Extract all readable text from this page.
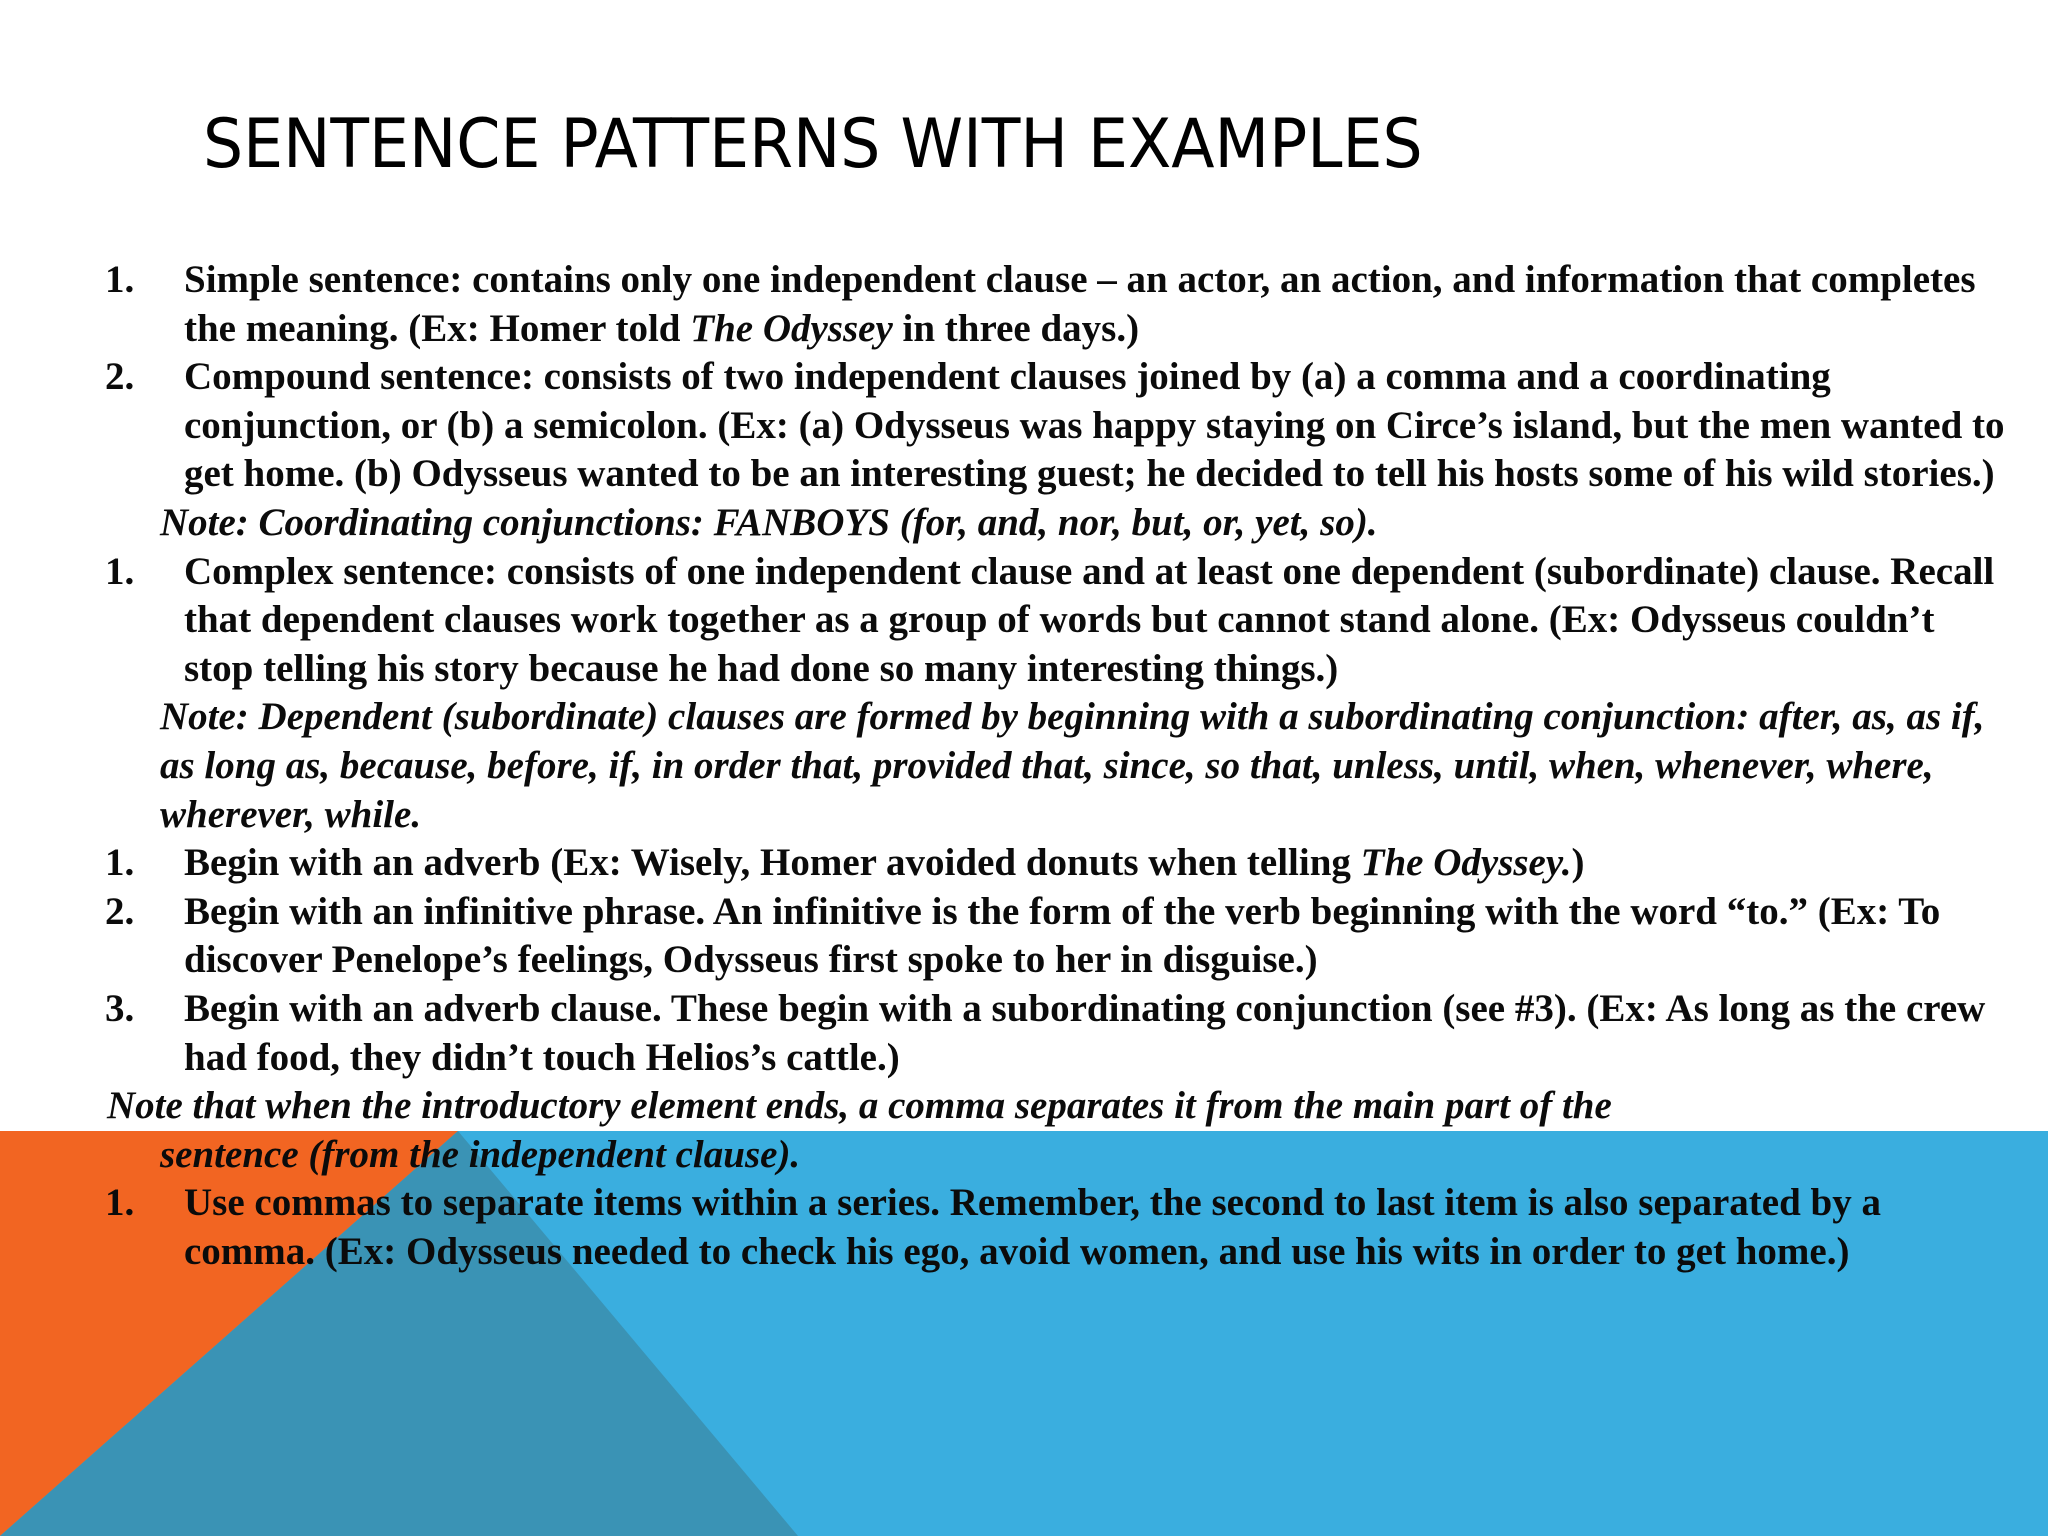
SENTENCE PATTERNS WITH EXAMPLES
1. Simple sentence: contains only one independent clause – an actor, an action, and information that completes the meaning. (Ex: Homer told The Odyssey in three days.)
2. Compound sentence: consists of two independent clauses joined by (a) a comma and a coordinating conjunction, or (b) a semicolon. (Ex: (a) Odysseus was happy staying on Circe’s island, but the men wanted to get home. (b) Odysseus wanted to be an interesting guest; he decided to tell his hosts some of his wild stories.)
Note: Coordinating conjunctions: FANBOYS (for, and, nor, but, or, yet, so).
1. Complex sentence: consists of one independent clause and at least one dependent (subordinate) clause. Recall that dependent clauses work together as a group of words but cannot stand alone. (Ex: Odysseus couldn’t stop telling his story because he had done so many interesting things.)
Note: Dependent (subordinate) clauses are formed by beginning with a subordinating conjunction: after, as, as if, as long as, because, before, if, in order that, provided that, since, so that, unless, until, when, whenever, where, wherever, while.
1. Begin with an adverb (Ex: Wisely, Homer avoided donuts when telling The Odyssey.)
2. Begin with an infinitive phrase. An infinitive is the form of the verb beginning with the word “to.” (Ex: To discover Penelope’s feelings, Odysseus first spoke to her in disguise.)
3. Begin with an adverb clause. These begin with a subordinating conjunction (see #3). (Ex: As long as the crew had food, they didn’t touch Helios’s cattle.)
Note that when the introductory element ends, a comma separates it from the main part of the
sentence (from the independent clause).
1. Use commas to separate items within a series. Remember, the second to last item is also separated by a comma. (Ex: Odysseus needed to check his ego, avoid women, and use his wits in order to get home.)
